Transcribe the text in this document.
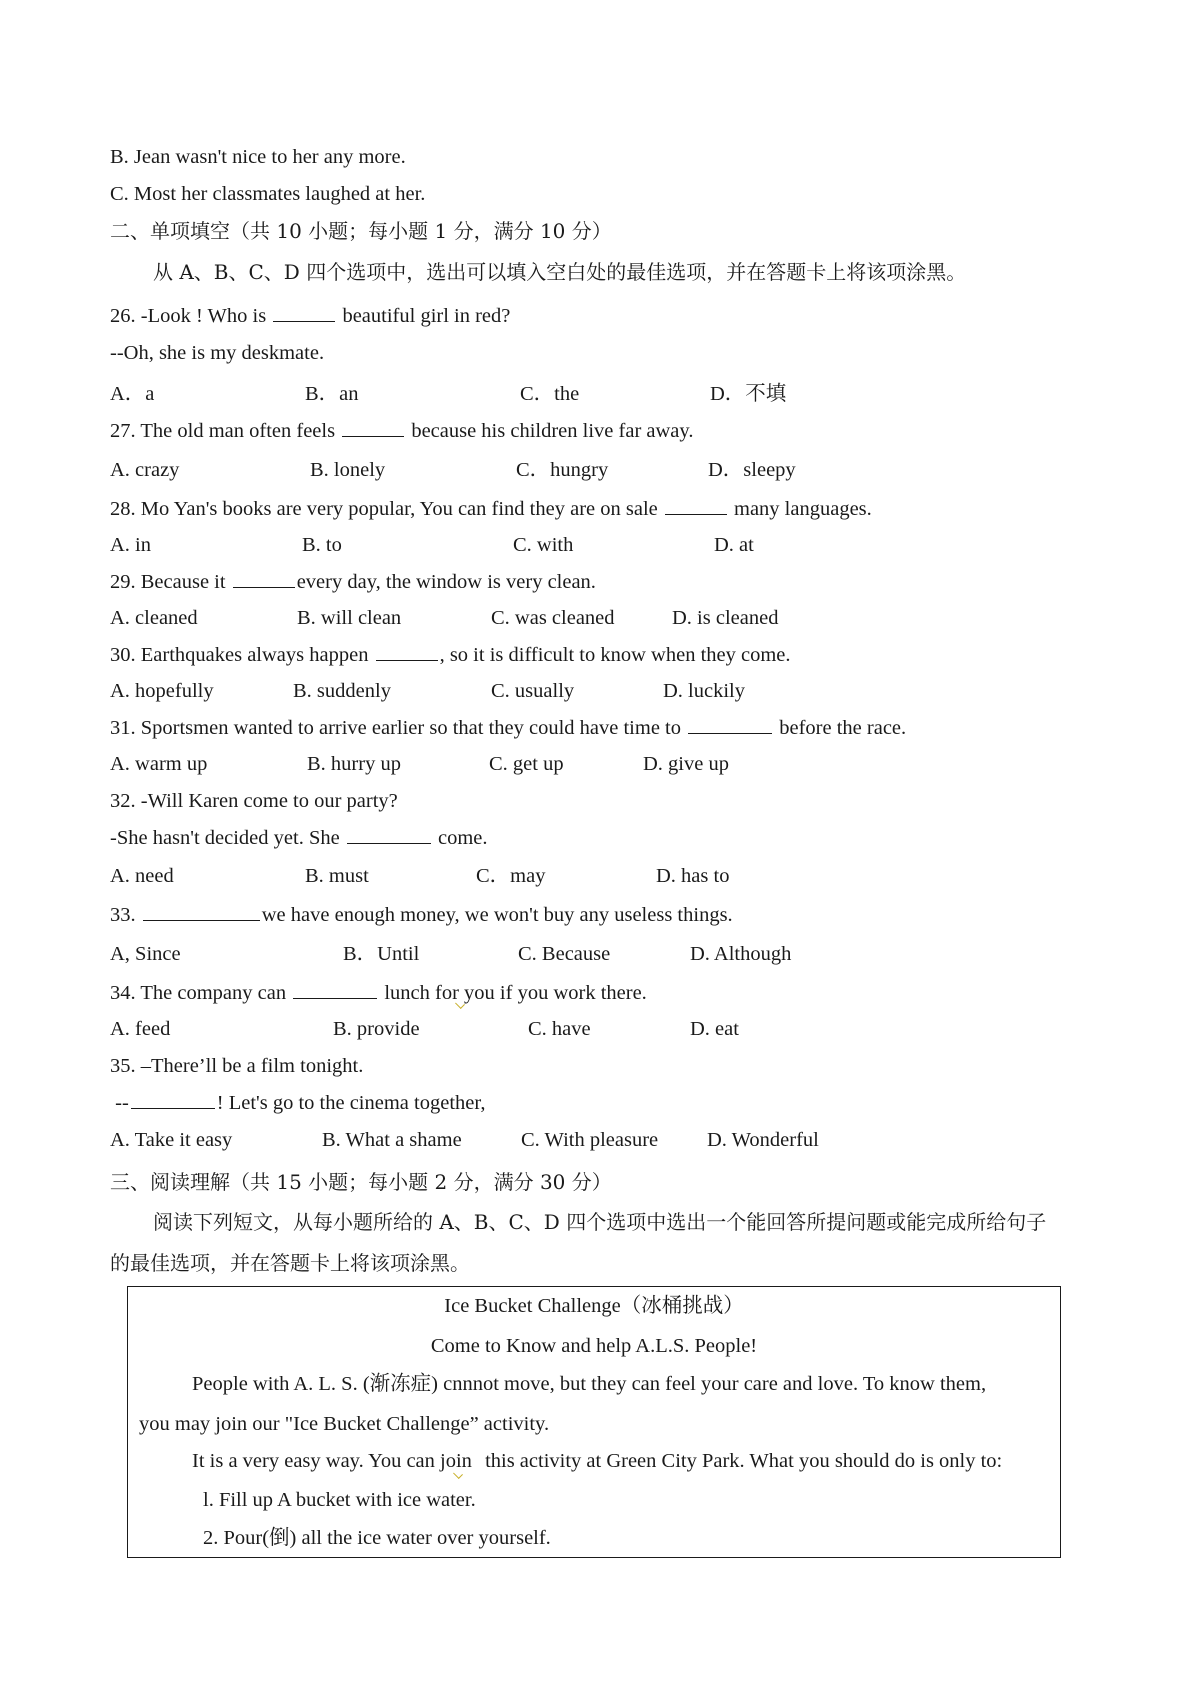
B. Jean wasn't nice to her any more.
C. Most her classmates laughed at her.
二、单项填空（共 10 小题；每小题 1 分，满分 10 分）
从 A、B、C、D 四个选项中，选出可以填入空白处的最佳选项，并在答题卡上将该项涂黑。
26. -Look ! Who is	beautiful girl in red?
--Oh, she is my deskmate.
A．a	B．an	C．the	D．不填
27. The old man often feels	because his children live far away.
A. crazy	B. lonely	C．hungry	D．sleepy
28. Mo Yan's books are very popular, You can find they are on sale	many languages.
A. in	B. to	C. with	D. at
29. Because it	every day, the window is very clean.
A. cleaned	B. will clean	C. was cleaned	D. is cleaned
30. Earthquakes always happen	, so it is difficult to know when they come.
A. hopefully	B. suddenly	C. usually	D. luckily
31. Sportsmen wanted to arrive earlier so that they could have time to	before the race.
A. warm up	B. hurry up	C. get up	D. give up
32. -Will Karen come to our party?
-She hasn't decided yet. She	come.
A. need	B. must	C．may	D. has to
33.	we have enough money, we won't buy any useless things.
A, Since	B．Until	C. Because	D. Although
34. The company can	lunch for you if you work there.
A. feed	B. provide	C. have	D. eat
35. –There’ll be a film tonight.
--	! Let's go to the cinema together,
A. Take it easy	B. What a shame	C. With pleasure D. Wonderful
三、阅读理解（共 15 小题；每小题 2 分，满分 30 分）
阅读下列短文，从每小题所给的 A、B、C、D 四个选项中选出一个能回答所提问题或能完成所给句子
的最佳选项，并在答题卡上将该项涂黑。
Ice Bucket Challenge（冰桶挑战）
Come to Know and help A.L.S. People!
People with A. L. S. (渐冻症) cnnnot move, but they can feel your care and love. To know them,
you may join our "Ice Bucket Challenge” activity.
It is a very easy way. You can join this activity at Green City Park. What you should do is only to:
l. Fill up A bucket with ice water.
2. Pour(倒) all the ice water over yourself.
